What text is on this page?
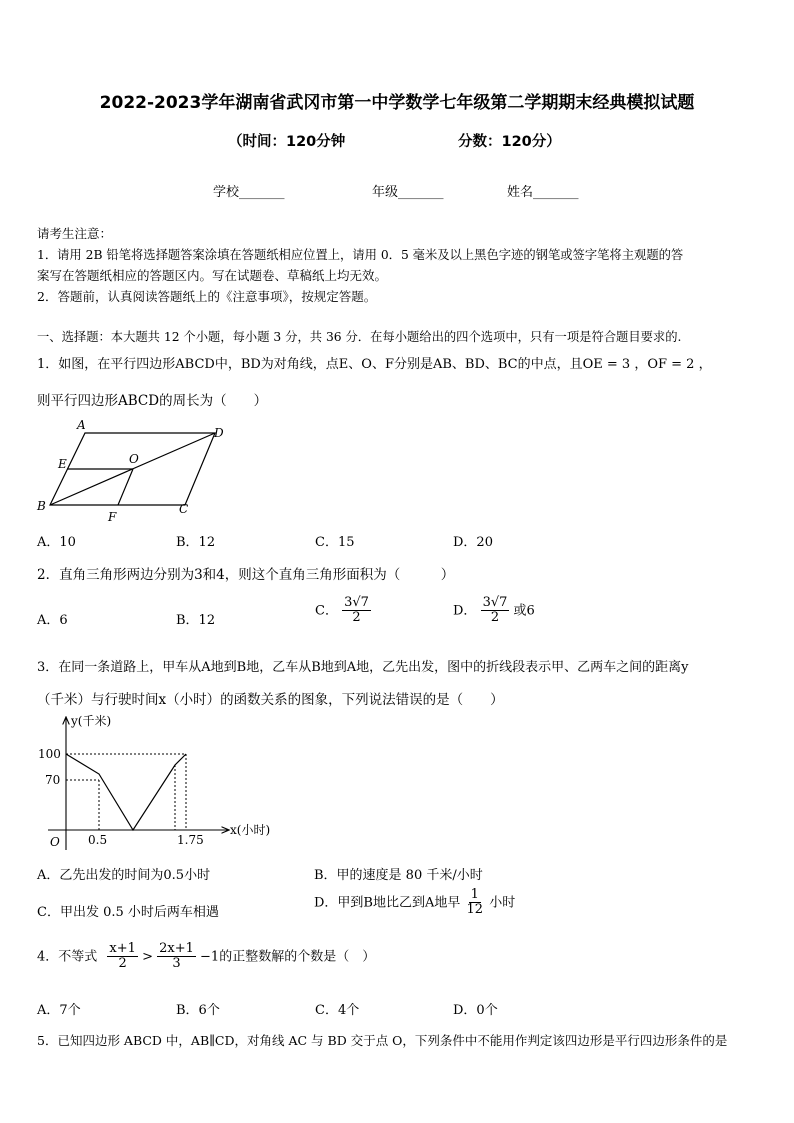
2022-2023学年湖南省武冈市第一中学数学七年级第二学期期末经典模拟试题
（时间：120分钟	分数：120分）
学校_______	年级_______	姓名_______
请考生注意：
1．请用 2B 铅笔将选择题答案涂填在答题纸相应位置上，请用 0．5 毫米及以上黑色字迹的钢笔或签字笔将主观题的答
案写在答题纸相应的答题区内。写在试题卷、草稿纸上均无效。
2．答题前，认真阅读答题纸上的《注意事项》，按规定答题。
一、选择题：本大题共 12 个小题，每小题 3 分，共 36 分．在每小题给出的四个选项中，只有一项是符合题目要求的.
1．如图，在平行四边形ABCD中，BD为对角线，点E、O、F分别是AB、BD、BC的中点，且OE = 3 ，OF = 2 ，
则平行四边形ABCD的周长为（　　）
A
D
E	O
B	C
F
A．10	B．12	C．15	D．20
2．直角三角形两边分别为3和4，则这个直角三角形面积为（　　　）
A．6	B．12
C． $\frac{3√7}{2}$	D． $\frac{3√7}{2}$ 或6
3．在同一条道路上，甲车从A地到B地，乙车从B地到A地，乙先出发，图中的折线段表示甲、乙两车之间的距离y
（千米）与行驶时间x（小时）的函数关系的图象，下列说法错误的是（　　）
y(千米)
x(小时)
O
100
70
0.5	1.75
A．乙先出发的时间为0.5小时	B．甲的速度是 80 千米/小时
C．甲出发 0.5 小时后两车相遇
D．甲到B地比乙到A地早 $\frac{1}{12}$ 小时
4．不等式 $\frac{x+1}{2} > \frac{2x+1}{3} -1$的正整数解的个数是（　）
A．7个	B．6个	C．4个	D．0个
5．已知四边形 ABCD 中，AB∥CD，对角线 AC 与 BD 交于点 O，下列条件中不能用作判定该四边形是平行四边形条件的是
